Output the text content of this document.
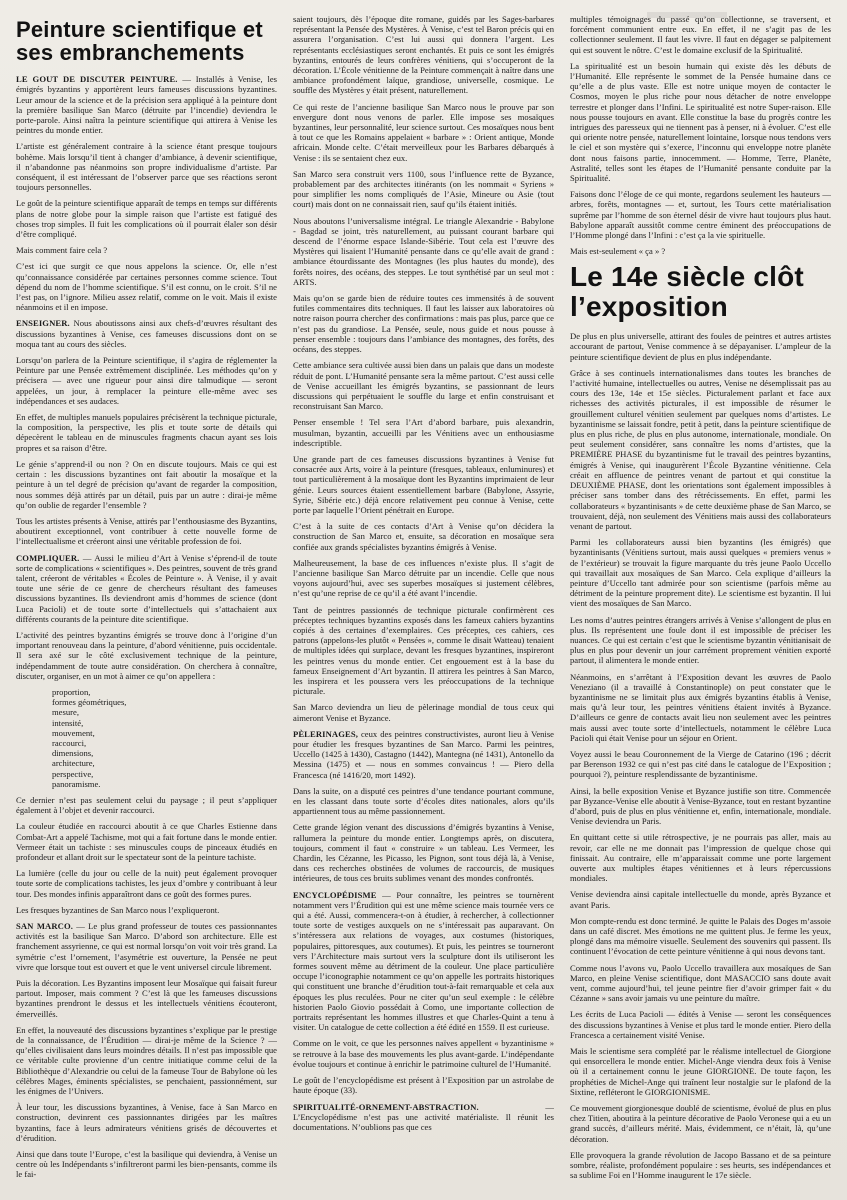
Peinture scientifique et ses embranchements

LE GOUT DE DISCUTER PEINTURE. — Installés à Venise, les émigrés byzantins y apportèrent leurs fameuses discussions byzantines. Leur amour de la science et de la précision sera appliqué à la peinture dont la première basilique San Marco (détruite par l’incendie) deviendra le porte-parole. Ainsi naîtra la peinture scientifique qui attirera à Venise les peintres du monde entier.

L’artiste est généralement contraire à la science étant presque toujours bohème. Mais lorsqu’il tient à changer d’ambiance, à devenir scientifique, il n’abandonne pas néanmoins son propre individualisme d’artiste. Par conséquent, il est intéressant de l’observer parce que ses réactions seront toujours personnelles.

Le goût de la peinture scientifique apparaît de temps en temps sur différents plans de notre globe pour la simple raison que l’artiste est fatigué des choses trop simples. Il fuit les complications où il pourrait élaler son désir d’être compliqué.

Mais comment faire cela ?

C’est ici que surgit ce que nous appelons la science. Or, elle n’est qu’connaissance considérée par certaines personnes comme science. Tout dépend du nom de l’homme scientifique. S’il est connu, on le croit. S’il ne l’est pas, on l’ignore. Milieu assez relatif, comme on le voit. Mais il existe néanmoins et il en impose.

ENSEIGNER. Nous aboutissons ainsi aux chefs-d’œuvres résultant des discussions byzantines à Venise, ces fameuses discussions dont on se moqua tant au cours des siècles.

Lorsqu’on parlera de la Peinture scientifique, il s’agira de réglementer la Peinture par une Pensée extrêmement disciplinée. Les méthodes qu’on y précisera — avec une rigueur pour ainsi dire talmudique — seront appelées, un jour, à remplacer la peinture elle-même avec ses indépendances et ses audaces.

En effet, de multiples manuels populaires précisèrent la technique picturale, la composition, la perspective, les plis et toute sorte de détails qui dépecèrent le tableau en de minuscules fragments chacun ayant ses lois propres et sa raison d’être.

Le génie s’apprend-il ou non ? On en discute toujours. Mais ce qui est certain : les discussions byzantines ont fait aboutir la mosaïque et la peinture à un tel degré de précision qu’avant de regarder la composition, nous sommes déjà attirés par un détail, puis par un autre : dirai-je même qu’on oublie de regarder l’ensemble ?

Tous les artistes présents à Venise, attirés par l’enthousiasme des Byzantins, aboutirent exceptionnel, vont contribuer à cette nouvelle forme de l’intellectualisme et créeront ainsi une véritable profession de foi.

COMPLIQUER. — Aussi le milieu d’Art à Venise s’éprend-il de toute sorte de complications « scientifiques ». Des peintres, souvent de très grand talent, créeront de véritables « Écoles de Peinture ». À Venise, il y avait toute une série de ce genre de chercheurs résultant des fameuses discussions byzantines. Ils deviendront amis d’hommes de science (dont Luca Pacioli) et de toute sorte d’intellectuels qui s’attachaient aux différents courants de la peinture dite scientifique.

L’activité des peintres byzantins émigrés se trouve donc à l’origine d’un important renouveau dans la peinture, d’abord vénitienne, puis occidentale. Il sera axé sur le côté exclusivement technique de la peinture, indépendamment de toute autre considération. On cherchera à connaître, discuter, organiser, en un mot à aimer ce qu’on appellera :

proportion,
formes géométriques,
mesure,
intensité,
mouvement,
raccourci,
dimensions,
architecture,
perspective,
panoramisme.

Ce dernier n’est pas seulement celui du paysage ; il peut s’appliquer également à l’objet et devenir raccourci.

La couleur étudiée en raccourci aboutit à ce que Charles Estienne dans Combat-Art a appelé Tachisme, mot qui a fait fortune dans le monde entier. Vermeer était un tachiste : ses minuscules coups de pinceaux étudiés en profondeur et allant droit sur le spectateur sont de la peinture tachiste.

La lumière (celle du jour ou celle de la nuit) peut également provoquer toute sorte de complications tachistes, les jeux d’ombre y contribuant à leur tour. Des mondes infinis apparaîtront dans ce goût des formes pures.

Les fresques byzantines de San Marco nous l’expliqueront.

SAN MARCO. — Le plus grand professeur de toutes ces passionnantes activités est la basilique San Marco. D’abord son architecture. Elle est franchement assyrienne, ce qui est normal lorsqu’on voit voir très grand. La symétrie c’est l’ornement, l’asymétrie est ouverture, la Pensée ne peut vivre que lorsque tout est ouvert et que le vent universel circule librement.

Puis la décoration. Les Byzantins imposent leur Mosaïque qui faisait fureur partout. Imposer, mais comment ? C’est là que les fameuses discussions byzantines prendront le dessus et les intellectuels vénitiens écouteront, émerveillés.

En effet, la nouveauté des discussions byzantines s’explique par le prestige de la connaissance, de l’Érudition — dirai-je même de la Science ? — qu’elles civilisaient dans leurs moindres détails. Il n’est pas impossible que ce véritable culte provienne d’un centre initiatique comme celui de la Bibliothèque d’Alexandrie ou celui de la fameuse Tour de Babylone où les célèbres Mages, éminents spécialistes, se penchaient, passionnément, sur les énigmes de l’Univers.

À leur tour, les discussions byzantines, à Venise, face à San Marco en construction, devinrent ces passionnantes dirigées par les maîtres byzantins, face à leurs admirateurs vénitiens grisés de découvertes et d’érudition.

Ainsi que dans toute l’Europe, c’est la basilique qui deviendra, à Venise un centre où les Indépendants s’infiltreront parmi les bien-pensants, comme ils le fai-

saient toujours, dès l’époque dite romane, guidés par les Sages-barbares représentant la Pensée des Mystères. À Venise, c’est tel Baron précis qui en assurera l’organisation. C’est lui aussi qui donnera l’argent. Les représentants ecclésiastiques seront enchantés. Et puis ce sont les émigrés byzantins, entourés de leurs confrères vénitiens, qui s’occuperont de la décoration. L’École vénitienne de la Peinture commençait à naître dans une ambiance profondément laïque, grandiose, universelle, cosmique. Le souffle des Mystères y était présent, naturellement.

Ce qui reste de l’ancienne basilique San Marco nous le prouve par son envergure dont nous venons de parler. Elle impose ses mosaïques byzantines, leur personnalité, leur science surtout. Ces mosaïques nous bent à tout ce que les Romains appelaient « barbare » : Orient antique, Monde africain. Monde celte. C’était merveilleux pour les Barbares débarqués à Venise : ils se sentaient chez eux.

San Marco sera construit vers 1100, sous l’influence rette de Byzance, probablement par des architectes itinérants (on les nommait « Syriens » pour simplifier les noms compliqués de l’Asie, Mineure ou Asie (tout court) mais dont on ne connaissait rien, sauf qu’ils étaient initiés.

Nous aboutons l’universalisme intégral. Le triangle Alexandrie - Babylone - Bagdad se joint, très naturellement, au puissant courant barbare qui descend de l’énorme espace Islande-Sibérie. Tout cela est l’œuvre des Mystères qui lisaient l’Humanité pensante dans ce qu’elle avait de grand : ambiance étourdissante des Montagnes (les plus hautes du monde), des forêts noires, des océans, des steppes. Le tout synthétisé par un seul mot : ARTS.

Mais qu’on se garde bien de réduire toutes ces immensités à de souvent futiles commentaires dits techniques. Il faut les laisser aux laboratoires où notre raison pourra chercher des confirmations : mais pas plus, parce que ce n’est pas du grandiose. La Pensée, seule, nous guide et nous pousse à penser ensemble : toujours dans l’ambiance des montagnes, des forêts, des océans, des steppes.

Cette ambiance sera cultivée aussi bien dans un palais que dans un modeste réduit de pont. L’Humanité pensante sera la même partout. C’est aussi celle de Venise accueillant les émigrés byzantins, se passionnant de leurs discussions qui perpétuaient le souffle du large et enfin construisant et reconstruisant San Marco.

Penser ensemble ! Tel sera l’Art d’abord barbare, puis alexandrin, musulman, byzantin, accueilli par les Vénitiens avec un enthousiasme indescriptible.

Une grande part de ces fameuses discussions byzantines à Venise fut consacrée aux Arts, voire à la peinture (fresques, tableaux, enluminures) et tout particulièrement à la mosaïque dont les Byzantins imprimaient de leur génie. Leurs sources étaient essentiellement barbare (Babylone, Assyrie, Syrie, Sibérie etc.) déjà encore relativement peu connue à Venise, cette porte par laquelle l’Orient pénétrait en Europe.

C’est à la suite de ces contacts d’Art à Venise qu’on décidera la construction de San Marco et, ensuite, sa décoration en mosaïque sera confiée aux grands spécialistes byzantins émigrés à Venise.

Malheureusement, la base de ces influences n’existe plus. Il s’agit de l’ancienne basilique San Marco détruite par un incendie. Celle que nous voyons aujourd’hui, avec ses superbes mosaïques si justement célèbres, n’est qu’une reprise de ce qu’il a été avant l’incendie.

Tant de peintres passionnés de technique picturale confirmèrent ces préceptes techniques byzantins exposés dans les fameux cahiers byzantins copiés à des certaines d’exemplaires. Ces préceptes, ces cahiers, ces patrons (appelons-les plutôt « Pensées », comme le disait Watteau) tenaient de multiples idées qui surplace, devant les fresques byzantines, inspireront les peintres venus du monde entier. Cet engouement est à la base du fameux Enseignement d’Art byzantin. Il attirera les peintres à San Marco, les inspirera et les poussera vers les préoccupations de la technique picturale.

San Marco deviendra un lieu de pèlerinage mondial de tous ceux qui aimeront Venise et Byzance.

PÈLERINAGES, ceux des peintres constructivistes, auront lieu à Venise pour étudier les fresques byzantines de San Marco. Parmi les peintres, Uccello (1425 à 1430), Castagno (1442), Mantegna (né 1431), Antonello da Messina (1475) et — nous en sommes convaincus ! — Piero della Francesca (né 1416/20, mort 1492).

Dans la suite, on a disputé ces peintres d’une tendance pourtant commune, en les classant dans toute sorte d’écoles dites nationales, alors qu’ils appartiennent tous au même passionnement.

Cette grande légion venant des discussions d’émigrés byzantins à Venise, rallumera la peinture du monde entier. Longtemps après, on discutera, toujours, comment il faut « construire » un tableau. Les Vermeer, les Chardin, les Cézanne, les Picasso, les Pignon, sont tous déjà là, à Venise, dans ces recherches obstinées de volumes de raccourcis, de musiques intérieures, de tous ces bruits sublimes venant des mondes confrontés.

ENCYCLOPÉDISME — Pour connaître, les peintres se tournèrent notamment vers l’Érudition qui est une même science mais tournée vers ce qui a été. Aussi, commencera-t-on à étudier, à rechercher, à collectionner toute sorte de vestiges auxquels on ne s’intéressait pas auparavant. On s’intéressera aux relations de voyages, aux costumes (historiques, populaires, pittoresques, aux coutumes). Et puis, les peintres se tourneront vers l’Architecture mais surtout vers la sculpture dont ils utiliseront les formes souvent même au détriment de la couleur. Une place particulière occupe l’iconographie notamment ce qu’on appelle les portraits historiques qui constituent une branche d’érudition tout-à-fait remarquable et cela aux époques les plus reculées. Pour ne citer qu’un seul exemple : le célèbre historien Paolo Giovio possédait à Como, une importante collection de portraits représentant les hommes illustres et que Charles-Quint a tenu à visiter. Un catalogue de cette collection a été édité en 1559. Il est curieuse.

Comme on le voit, ce que les personnes naïves appellent « byzantinisme » se retrouve à la base des mouvements les plus avant-garde. L’indépendante évolue toujours et continue à enrichir le patrimoine culturel de l’Humanité.

Le goût de l’encyclopédisme est présent à l’Exposition par un astrolabe de haute époque (33).

SPIRITUALITÉ-ORNEMENT-ABSTRACTION.	— L’Encyclopédisme n’est pas une activité matérialiste. Il réunit les documentations. N’oublions pas que ces

multiples témoignages du passé qu’on collectionne, se traversent, et forcément communient entre eux. En effet, il ne s’agit pas de les collectionner seulement. Il faut les vivre. Il faut en dégager se palpitement qui est souvent le nôtre. C’est le domaine exclusif de la Spiritualité.

La spiritualité est un besoin humain qui existe dès les débuts de l’Humanité. Elle représente le sommet de la Pensée humaine dans ce qu’elle a de plus vaste. Elle est notre unique moyen de contacter le Cosmos, moyen le plus riche pour nous détacher de notre enveloppe terrestre et plonger dans l’Infini. Le spiritualité est notre Super-raison. Elle nous pousse toujours en avant. Elle constitue la base du progrès contre les intrigues des paresseux qui ne tiennent pas à penser, ni à évoluer. C’est elle qui oriente notre pensée, naturellement lointaine, lorsque nous tendons vers le ciel et son mystère qui s’exerce, l’inconnu qui enveloppe notre planète dont nous faisons partie, innocemment. — Homme, Terre, Planète, Astralité, telles sont les étapes de l’Humanité pensante conduite par la Spiritualité.

Faisons donc l’éloge de ce qui monte, regardons seulement les hauteurs — arbres, forêts, montagnes — et, surtout, les Tours cette matérialisation suprême par l’homme de son éternel désir de vivre haut toujours plus haut. Babylone apparaît aussitôt comme centre éminent des préoccupations de l’Homme plongé dans l’Infini : c’est ça la vie spirituelle.

Mais est-seulement « ça » ?

Le 14e siècle clôt l’exposition

De plus en plus universelle, attirant des foules de peintres et autres artistes accourant de partout, Venise commence à se dépayaniser. L’ampleur de la peinture scientifique devient de plus en plus indépendante.

Grâce à ses continuels internationalismes dans toutes les branches de l’activité humaine, intellectuelles ou autres, Venise ne désemplissait pas au cours des 13e, 14e et 15e siècles. Picturalement parlant et face aux richesses des activités picturales, il est impossible de résumer le grouillement culturel vénitien seulement par quelques noms d’artistes. Le byzantinisme se laissait fondre, petit à petit, dans la peinture scientifique de plus en plus riche, de plus en plus autonome, internationale, mondiale. On peut seulement considérer, sans connaître les noms d’artistes, que la PREMIÈRE PHASE du byzantinisme fut le travail des peintres byzantins, émigrés à Venise, qui inaugurèrent l’École Byzantine vénitienne. Cela créait en affluence de peintres venant de partout et qui constitue la DEUXIÈME PHASE, dont les orientations sont également impossibles à préciser sans tomber dans des rétrécissements. En effet, parmi les collaborateurs « byzantinisants » de cette deuxième phase de San Marco, se trouvaient, déjà, non seulement des Vénitiens mais aussi des collaborateurs venant de partout.

Parmi les collaborateurs aussi bien byzantins (les émigrés) que byzantinisants (Vénitiens surtout, mais aussi quelques « premiers venus » de l’extérieur) se trouvait la figure marquante du très jeune Paolo Uccello qui travaillait aux mosaïques de San Marco. Cela explique d’ailleurs la peinture d’Uccello tant admirée pour son scientisme (parfois même au détriment de la peinture proprement dite). Le scientisme est byzantin. Il lui vient des mosaïques de San Marco.

Les noms d’autres peintres étrangers arrivés à Venise s’allongent de plus en plus. Ils représentent une foule dont il est impossible de préciser les nuances. Ce qui est certain c’est que le scientisme byzantin vénitianisait de plus en plus pour devenir un jour carrément proprement vénitien exporté partout, il alimentera le monde entier.

Néanmoins, en s’arrêtant à l’Exposition devant les œuvres de Paolo Veneziano (il a travaillé à Constantinople) on peut constater que le byzantinisme ne se limitait plus aux émigrés byzantins établis à Venise, mais qu’à leur tour, les peintres vénitiens étaient invités à Byzance. D’ailleurs ce genre de contacts avait lieu non seulement avec les peintres mais aussi avec toute sorte d’intellectuels, notamment le célèbre Luca Pacioli qui était Venise pour un séjour en Orient.

Voyez aussi le beau Couronnement de la Vierge de Catarino (196 ; décrit par Berenson 1932 ce qui n’est pas cité dans le catalogue de l’Exposition ; pourquoi ?), peinture resplendissante de byzantinisme.

Ainsi, la belle exposition Venise et Byzance justifie son titre. Commencée par Byzance-Venise elle aboutit à Venise-Byzance, tout en restant byzantine d’abord, puis de plus en plus vénitienne et, enfin, internationale, mondiale. Venise deviendra un Paris.

En quittant cette si utile rétrospective, je ne pourrais pas aller, mais au revoir, car elle ne me donnait pas l’impression de quelque chose qui finissait. Au contraire, elle m’apparaissait comme une porte largement ouverte aux multiples étapes vénitiennes et à leurs répercussions mondiales.

Venise deviendra ainsi capitale intellectuelle du monde, après Byzance et avant Paris.

Mon compte-rendu est donc terminé. Je quitte le Palais des Doges m’assoie dans un café discret. Mes émotions ne me quittent plus. Je ferme les yeux, plongé dans ma mémoire visuelle. Seulement des souvenirs qui passent. Ils continuent l’évocation de cette peinture vénitienne à qui nous devons tant.

Comme nous l’avons vu, Paolo Uccello travaillera aux mosaïques de San Marco, en pleine Venise scientifique, dont MASACCIO sans doute avait vent, comme aujourd’hui, tel jeune peintre fier d’avoir grimper fait « du Cézanne » sans avoir jamais vu une peinture du maître.

Les écrits de Luca Pacioli — édités à Venise — seront les conséquences des discussions byzantines à Venise et plus tard le monde entier. Piero della Francesca a certainement visité Venise.

Mais le scientisme sera complété par le réalisme intellectuel de Giorgione qui ensorcellera le monde entier. Michel-Ange viendra deux fois à Venise où il a certainement connu le jeune GIORGIONE. De toute façon, les prophéties de Michel-Ange qui traînent leur nostalgie sur le plafond de la Sixtine, refléteront le GIORGIONISME.

Ce mouvement giorgionesque doublé de scientisme, évolué de plus en plus chez Titien, aboutira à la peinture décorative de Paolo Veronese qui a eu un grand succès, d’ailleurs mérité. Mais, évidemment, ce n’était, là, qu’une décoration.

Elle provoquera la grande révolution de Jacopo Bassano et de sa peinture sombre, réaliste, profondément populaire : ses heurts, ses indépendances et sa sublime Foi en l’Homme inaugurent le 17e siècle.
